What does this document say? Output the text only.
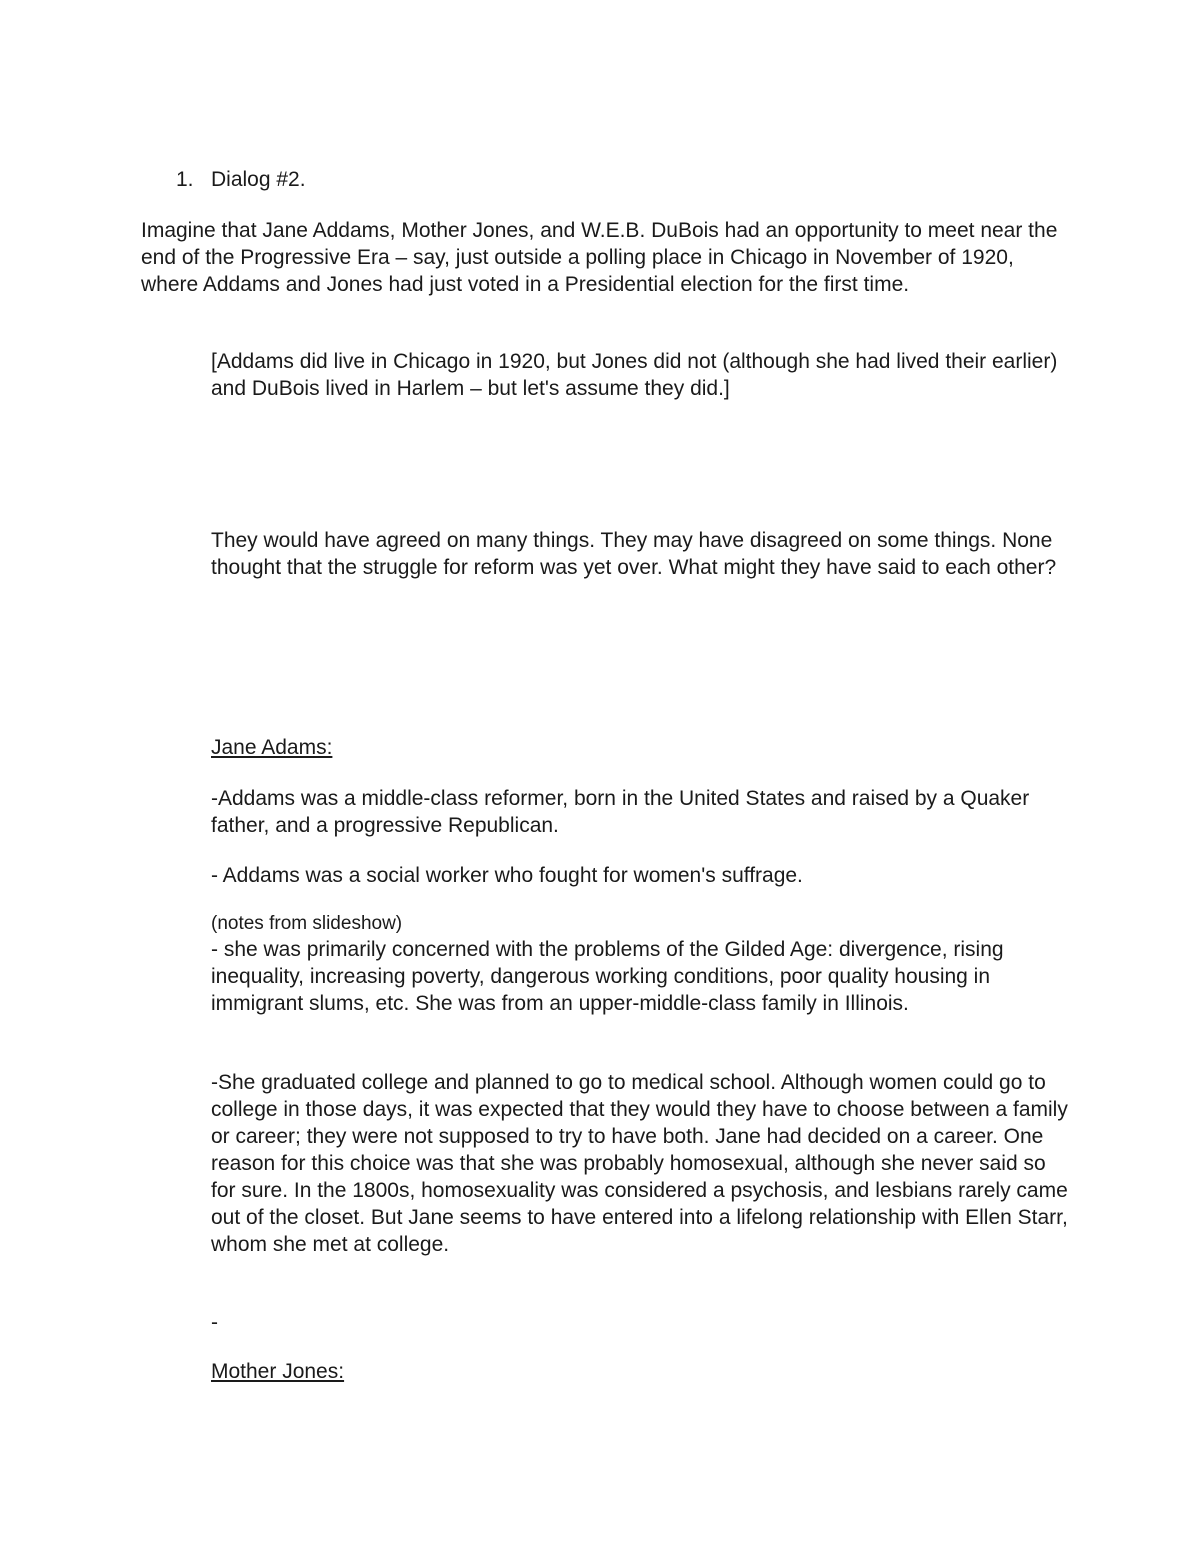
1. Dialog #2.

Imagine that Jane Addams, Mother Jones, and W.E.B. DuBois had an opportunity to meet near the end of the Progressive Era – say, just outside a polling place in Chicago in November of 1920, where Addams and Jones had just voted in a Presidential election for the first time.

[Addams did live in Chicago in 1920, but Jones did not (although she had lived their earlier) and DuBois lived in Harlem – but let's assume they did.]

They would have agreed on many things. They may have disagreed on some things. None thought that the struggle for reform was yet over. What might they have said to each other?

Jane Adams:

-Addams was a middle-class reformer, born in the United States and raised by a Quaker father, and a progressive Republican.

- Addams was a social worker who fought for women's suffrage.

(notes from slideshow)

- she was primarily concerned with the problems of the Gilded Age: divergence, rising inequality, increasing poverty, dangerous working conditions, poor quality housing in immigrant slums, etc. She was from an upper-middle-class family in Illinois.

-She graduated college and planned to go to medical school. Although women could go to college in those days, it was expected that they would they have to choose between a family or career; they were not supposed to try to have both. Jane had decided on a career. One reason for this choice was that she was probably homosexual, although she never said so for sure. In the 1800s, homosexuality was considered a psychosis, and lesbians rarely came out of the closet. But Jane seems to have entered into a lifelong relationship with Ellen Starr, whom she met at college.

-

Mother Jones:
